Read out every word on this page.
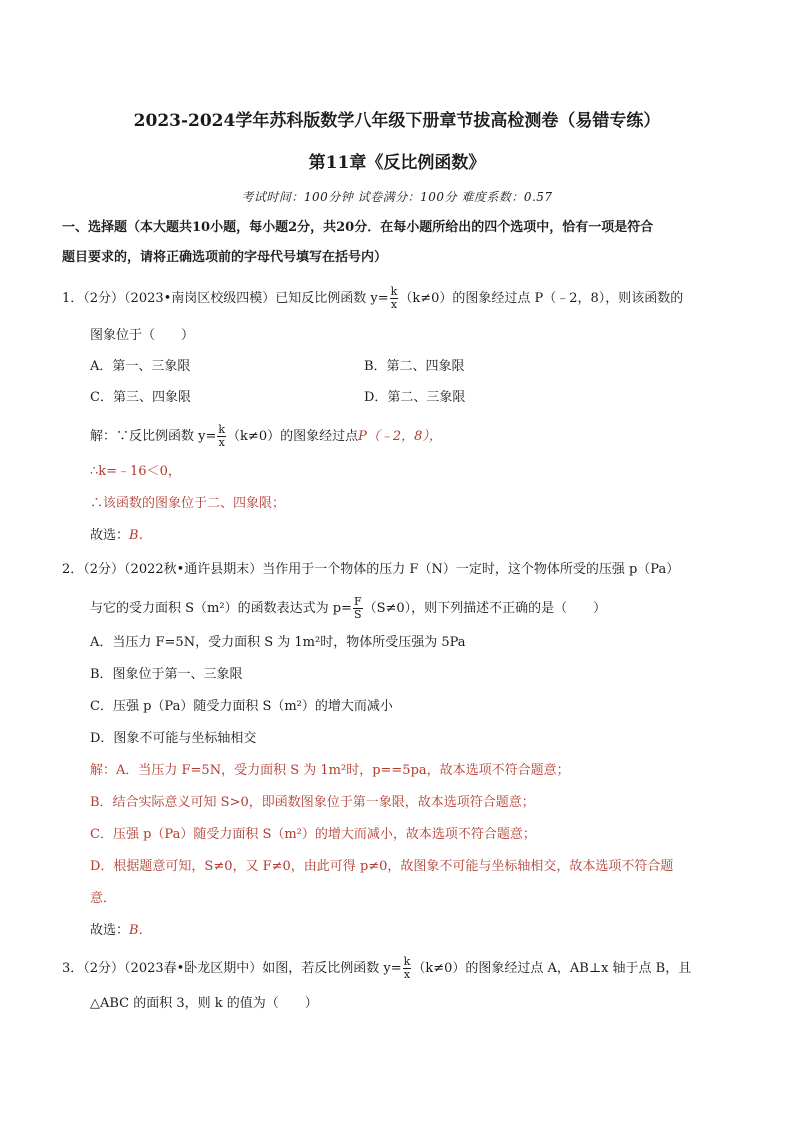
2023-2024学年苏科版数学八年级下册章节拔高检测卷（易错专练）
第11章《反比例函数》
考试时间：100分钟 试卷满分：100分 难度系数：0.57
一、选择题（本大题共10小题，每小题2分，共20分．在每小题所给出的四个选项中，恰有一项是符合
题目要求的，请将正确选项前的字母代号填写在括号内）
1．（2分）（2023•南岗区校级四模）已知反比例函数 $y= \frac{k}{x} (k\ne 0)$的图象经过点 P（﹣2，8），则该函数的
图象位于（　　）
A．第一、三象限	B．第二、四象限
C．第三、四象限	D．第二、三象限
解：∵反比例函数 $y= \frac{k}{x} (k\ne 0)$的图象经过点P（﹣2，8），
∴k=﹣16＜0，
∴该函数的图象位于二、四象限；
故选：B．
2．（2分）（2022秋•通许县期末）当作用于一个物体的压力 F（N）一定时，这个物体所受的压强 p（Pa）
与它的受力面积 S（m²）的函数表达式为 $p= \frac{F}{S} (S\ne 0)$，则下列描述不正确的是（　　）
A．当压力 F=5N，受力面积 S 为 1m²时，物体所受压强为 5Pa
B．图象位于第一、三象限
C．压强 p（Pa）随受力面积 S（m²）的增大而减小
D．图象不可能与坐标轴相交
解：A．当压力 F=5N，受力面积 S 为 1m²时，p==5pa，故本选项不符合题意；
B．结合实际意义可知 S>0，即函数图象位于第一象限，故本选项符合题意；
C．压强 p（Pa）随受力面积 S（m²）的增大而减小，故本选项不符合题意；
D．根据题意可知，S≠0，又 F≠0，由此可得 p≠0，故图象不可能与坐标轴相交，故本选项不符合题
意．
故选：B．
3．（2分）（2023春•卧龙区期中）如图，若反比例函数 $y= \frac{k}{x} (k\ne 0)$的图象经过点 A，AB⊥x 轴于点 B，且
△ABC 的面积 3，则 k 的值为（　　）
